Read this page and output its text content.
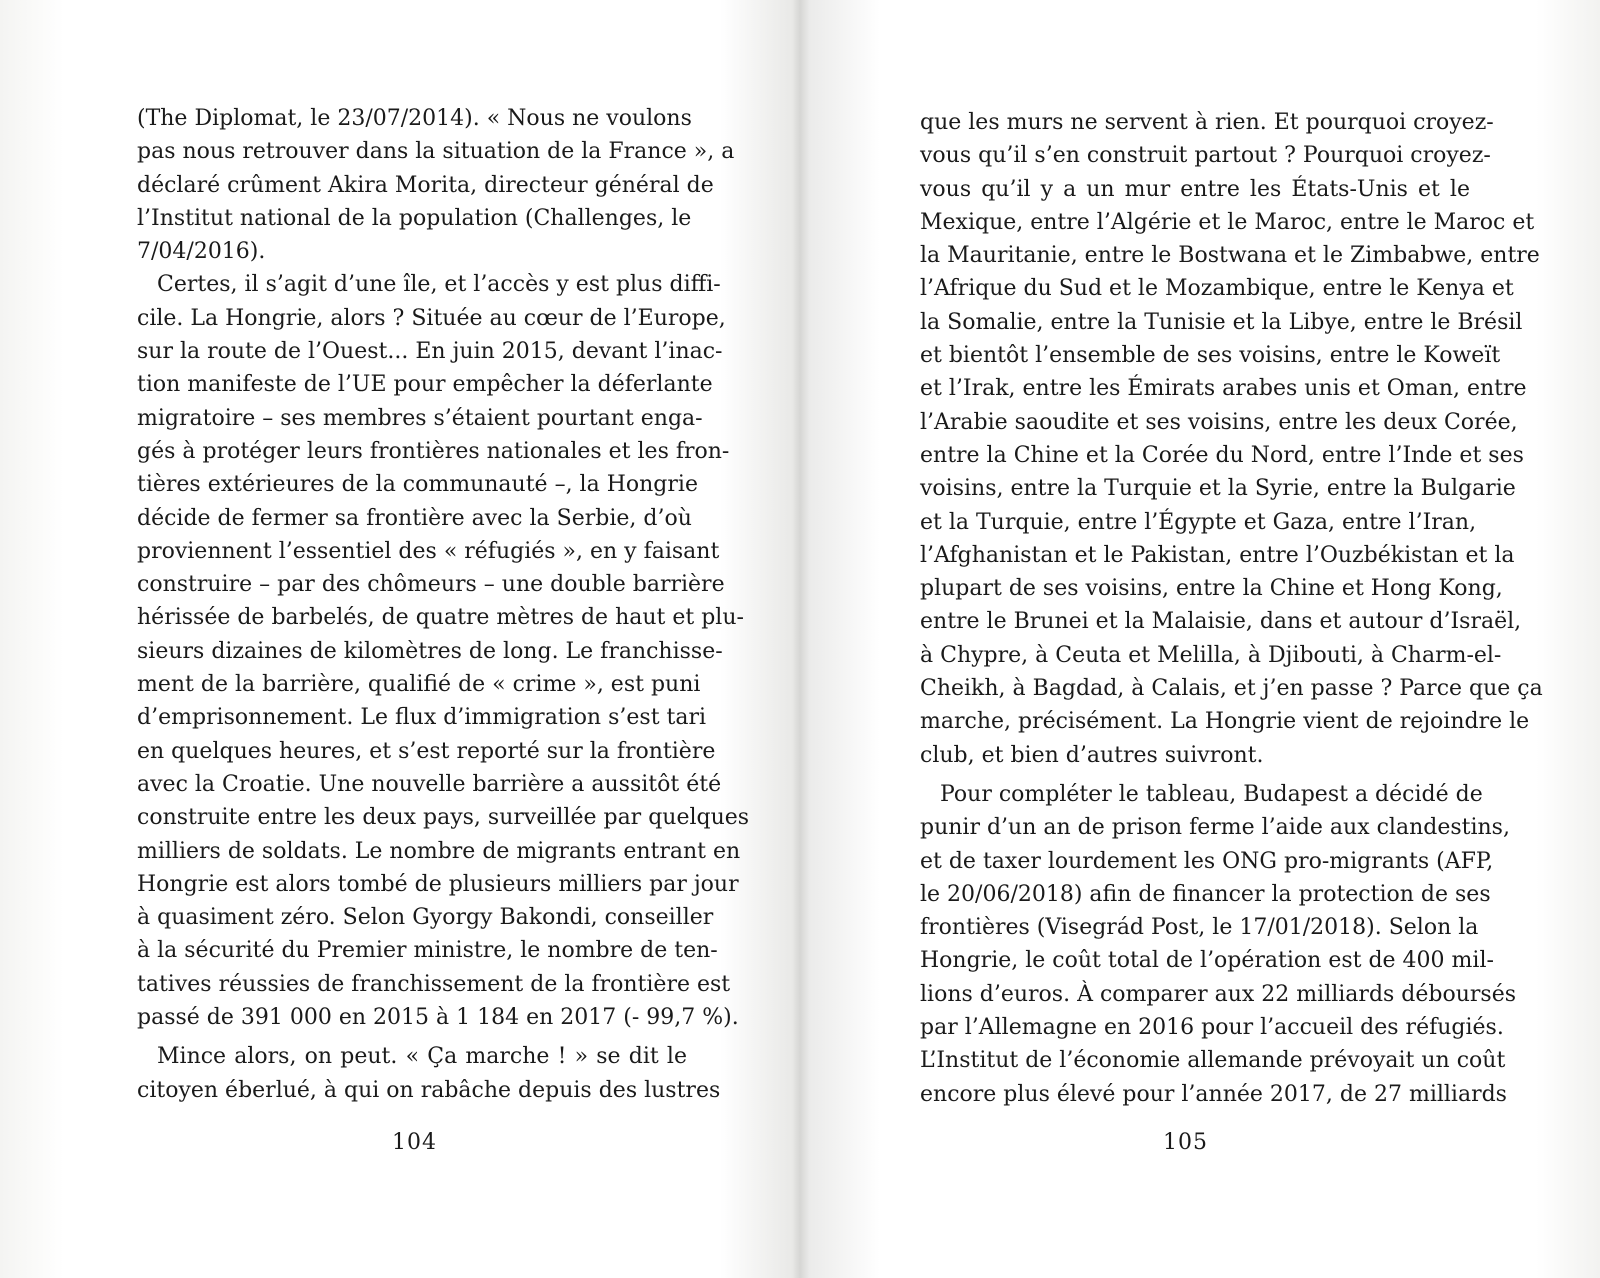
(The Diplomat, le 23/07/2014). « Nous ne voulons
pas nous retrouver dans la situation de la France », a
déclaré crûment Akira Morita, directeur général de
l’Institut national de la population (Challenges, le
7/04/2016).
Certes, il s’agit d’une île, et l’accès y est plus diffi-
cile. La Hongrie, alors ? Située au cœur de l’Europe,
sur la route de l’Ouest... En juin 2015, devant l’inac-
tion manifeste de l’UE pour empêcher la déferlante
migratoire – ses membres s’étaient pourtant enga-
gés à protéger leurs frontières nationales et les fron-
tières extérieures de la communauté –, la Hongrie
décide de fermer sa frontière avec la Serbie, d’où
proviennent l’essentiel des « réfugiés », en y faisant
construire – par des chômeurs – une double barrière
hérissée de barbelés, de quatre mètres de haut et plu-
sieurs dizaines de kilomètres de long. Le franchisse-
ment de la barrière, qualifié de « crime », est puni
d’emprisonnement. Le flux d’immigration s’est tari
en quelques heures, et s’est reporté sur la frontière
avec la Croatie. Une nouvelle barrière a aussitôt été
construite entre les deux pays, surveillée par quelques
milliers de soldats. Le nombre de migrants entrant en
Hongrie est alors tombé de plusieurs milliers par jour
à quasiment zéro. Selon Gyorgy Bakondi, conseiller
à la sécurité du Premier ministre, le nombre de ten-
tatives réussies de franchissement de la frontière est
passé de 391 000 en 2015 à 1 184 en 2017 (- 99,7 %).
Mince alors, on peut. « Ça marche ! » se dit le
citoyen éberlué, à qui on rabâche depuis des lustres
104
que les murs ne servent à rien. Et pourquoi croyez-
vous qu’il s’en construit partout ? Pourquoi croyez-
vous qu’il y a un mur entre les États-Unis et le
Mexique, entre l’Algérie et le Maroc, entre le Maroc et
la Mauritanie, entre le Bostwana et le Zimbabwe, entre
l’Afrique du Sud et le Mozambique, entre le Kenya et
la Somalie, entre la Tunisie et la Libye, entre le Brésil
et bientôt l’ensemble de ses voisins, entre le Koweït
et l’Irak, entre les Émirats arabes unis et Oman, entre
l’Arabie saoudite et ses voisins, entre les deux Corée,
entre la Chine et la Corée du Nord, entre l’Inde et ses
voisins, entre la Turquie et la Syrie, entre la Bulgarie
et la Turquie, entre l’Égypte et Gaza, entre l’Iran,
l’Afghanistan et le Pakistan, entre l’Ouzbékistan et la
plupart de ses voisins, entre la Chine et Hong Kong,
entre le Brunei et la Malaisie, dans et autour d’Israël,
à Chypre, à Ceuta et Melilla, à Djibouti, à Charm-el-
Cheikh, à Bagdad, à Calais, et j’en passe ? Parce que ça
marche, précisément. La Hongrie vient de rejoindre le
club, et bien d’autres suivront.
Pour compléter le tableau, Budapest a décidé de
punir d’un an de prison ferme l’aide aux clandestins,
et de taxer lourdement les ONG pro-migrants (AFP,
le 20/06/2018) afin de financer la protection de ses
frontières (Visegrád Post, le 17/01/2018). Selon la
Hongrie, le coût total de l’opération est de 400 mil-
lions d’euros. À comparer aux 22 milliards déboursés
par l’Allemagne en 2016 pour l’accueil des réfugiés.
L’Institut de l’économie allemande prévoyait un coût
encore plus élevé pour l’année 2017, de 27 milliards
105
